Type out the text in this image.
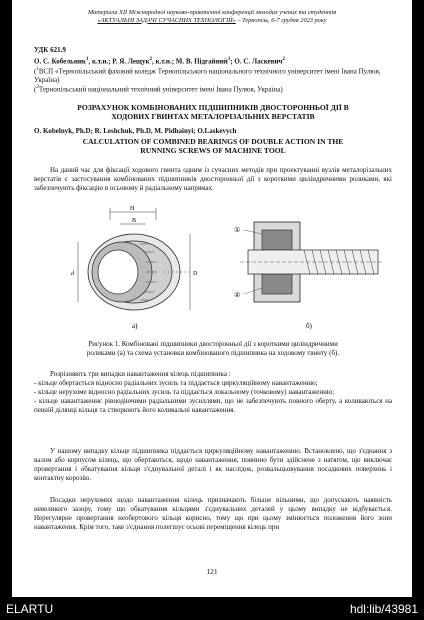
Матеріали XII Міжнародної науково-практичної конференції молодих учених та студентів
«АКТУАЛЬНІ ЗАДАЧІ СУЧАСНИХ ТЕХНОЛОГІЙ» – Тернопіль, 6-7 грудня 2023 року
УДК 621.9
О. С. Кобельник$^1$, к.т.н.; Р. Я. Лещук$^2$, к.т.н.; М. В. Підгайний$^1$; О. С. Ласкевич$^2$
($^1$ВСП «Тернопільський фаховий коледж Тернопільського національного технічного університет імені Івана Пулюя, Україна)
($^2$Тернопільський національний технічний університет імені Івана Пулюя, Україна)
РОЗРАХУНОК КОМБІНОВАНИХ ПІДШИПНИКІВ ДВОСТОРОННЬОЇ ДІЇ В
ХОДОВИХ ГВИНТАХ МЕТАЛОРІЗАЛЬНИХ ВЕРСТАТІВ
O. Kobelnyk, Ph.D; R. Leshchuk, Ph.D, M. Pidhainyi; O.Laskevych
CALCULATION OF COMBINED BEARINGS OF DOUBLE ACTION IN THE
RUNNING SCREWS OF MACHINE TOOL
На даний час для фіксації ходового гвинта одним із сучасних методів при проектуванні вузлів металорізальних верстатів є застосування комбінованих підшипників двосторонньої дії з короткими циліндричними роликами, які забезпечують фіксацію в осьовому й радіальному напрямах.
H
B
d	D
а)
①
②
б)
Рисунок 1. Комбіновані підшипники двосторонньої дії з короткими циліндричними
роликами (а) та схема установки комбінованого підшипника на ходовому гвинту (б).
Розрізняють три випадки навантаження кілець підшипника :
- кільце обертається відносно радіальних зусиль та піддається циркуляційному навантаженню;
- кільце нерухоме відносно радіальних зусиль та піддається локальному (точковому) навантаженню;
- кільце навантаженнє рівнодіючими радіальними зусиллями, що не забезпечують повного оберту, а коливаються на певній ділянці кільця та створюють його коливальні навантаження.
У нашому випадку кільце підшипника піддається циркуляційному навантаженню. Встановлено, що з'єднання з валом або корпусом кілець, що обертаються, щодо навантаження, повинно бути здійснене з натягом, що виключає провертання і обкатування кільця з'єднувальної деталі і як наслідок, розвальцьовування посадкових поверхонь і контактну корозію.
Посадки нерухомих щодо навантаження кілець призначають більше вільними, що допускають наявність невеликого зазору, тому що обкатування кільцями з'єднувальних деталей у цьому випадку не відбувається. Нерегулярне провертання необертового кільця корисно, тому що при цьому змінюється положення його зони навантаження. Крім того, таке з'єднання полегшує осьові переміщення кілець при
121
ELARTU	hdl:lib/43981
